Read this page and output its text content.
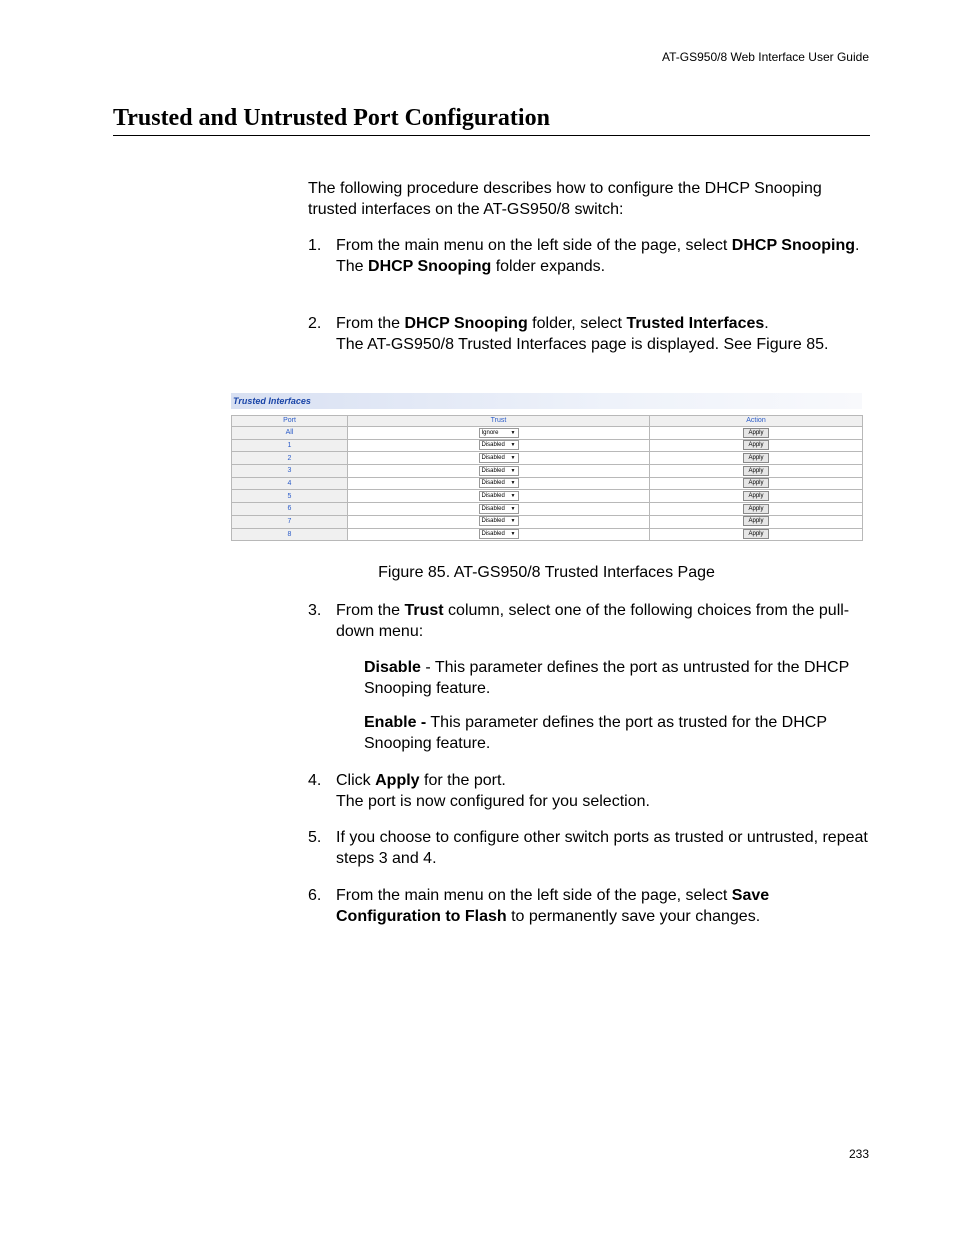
AT-GS950/8 Web Interface User Guide
Trusted and Untrusted Port Configuration
The following procedure describes how to configure the DHCP Snooping trusted interfaces on the AT-GS950/8 switch:
1. From the main menu on the left side of the page, select DHCP Snooping.
The DHCP Snooping folder expands.
2. From the DHCP Snooping folder, select Trusted Interfaces.
The AT-GS950/8 Trusted Interfaces page is displayed. See Figure 85.
Trusted Interfaces
Port	Trust	Action
All	Ignore ▼	Apply
1	Disabled ▼	Apply
2	Disabled ▼	Apply
3	Disabled ▼	Apply
4	Disabled ▼	Apply
5	Disabled ▼	Apply
6	Disabled ▼	Apply
7	Disabled ▼	Apply
8	Disabled ▼	Apply
Figure 85. AT-GS950/8 Trusted Interfaces Page
3. From the Trust column, select one of the following choices from the pull-down menu:
Disable - This parameter defines the port as untrusted for the DHCP Snooping feature.
Enable - This parameter defines the port as trusted for the DHCP Snooping feature.
4. Click Apply for the port.
The port is now configured for you selection.
5. If you choose to configure other switch ports as trusted or untrusted, repeat steps 3 and 4.
6. From the main menu on the left side of the page, select Save Configuration to Flash to permanently save your changes.
233
